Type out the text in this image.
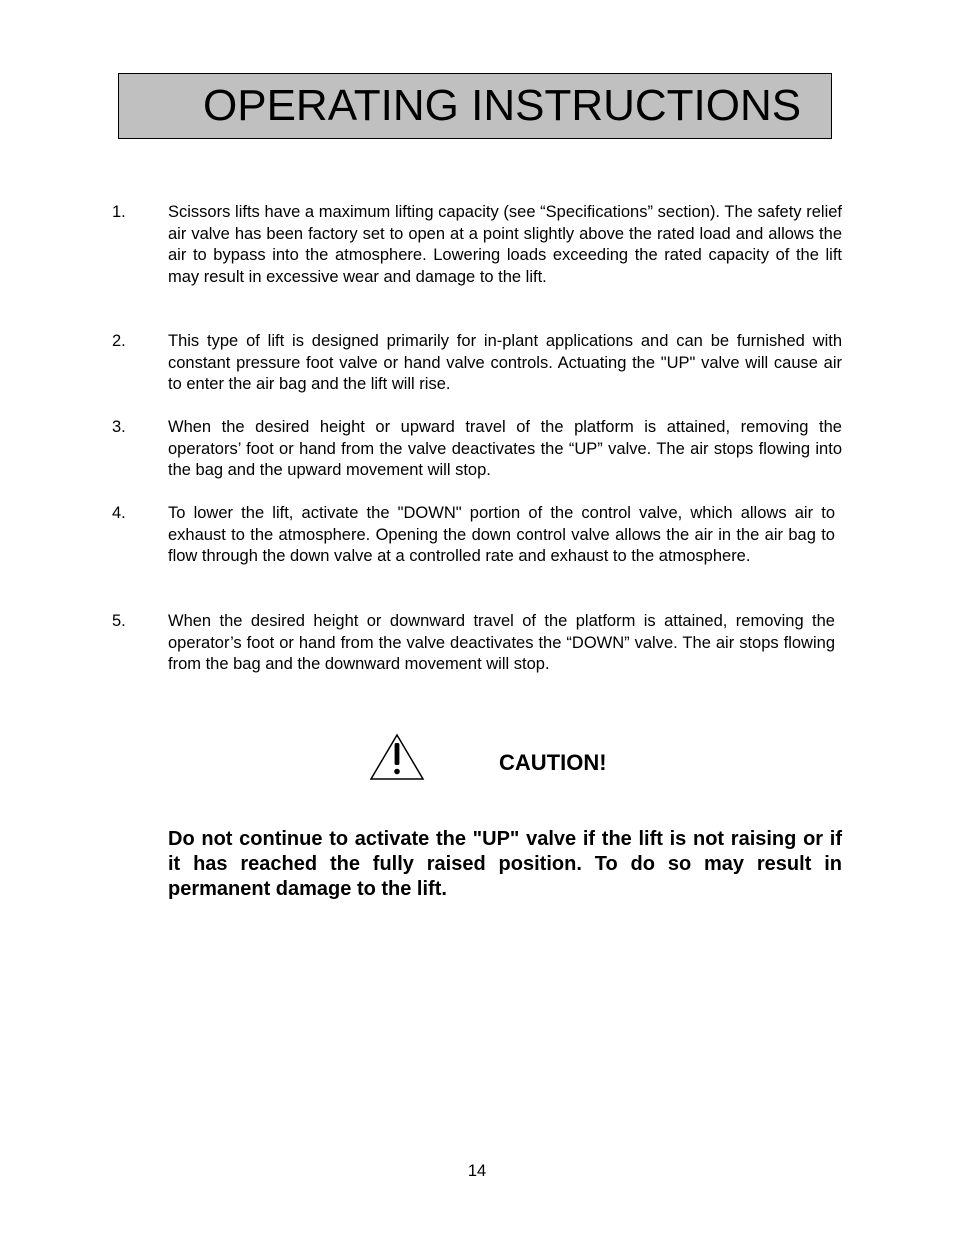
OPERATING INSTRUCTIONS
1.	Scissors lifts have a maximum lifting capacity (see “Specifications” section). The safety relief air valve has been factory set to open at a point slightly above the rated load and allows the air to bypass into the atmosphere. Lowering loads exceeding the rated capacity of the lift may result in excessive wear and damage to the lift.
2.	This type of lift is designed primarily for in-plant applications and can be furnished with constant pressure foot valve or hand valve controls. Actuating the "UP" valve will cause air to enter the air bag and the lift will rise.
3.	When the desired height or upward travel of the platform is attained, removing the operators’ foot or hand from the valve deactivates the “UP” valve. The air stops flowing into the bag and the upward movement will stop.
4.	To lower the lift, activate the "DOWN" portion of the control valve, which allows air to exhaust to the atmosphere. Opening the down control valve allows the air in the air bag to flow through the down valve at a controlled rate and exhaust to the atmosphere.
5.	When the desired height or downward travel of the platform is attained, removing the operator’s foot or hand from the valve deactivates the “DOWN” valve. The air stops flowing from the bag and the downward movement will stop.
CAUTION!
Do not continue to activate the "UP" valve if the lift is not raising or if it has reached the fully raised position. To do so may result in permanent damage to the lift.
14
